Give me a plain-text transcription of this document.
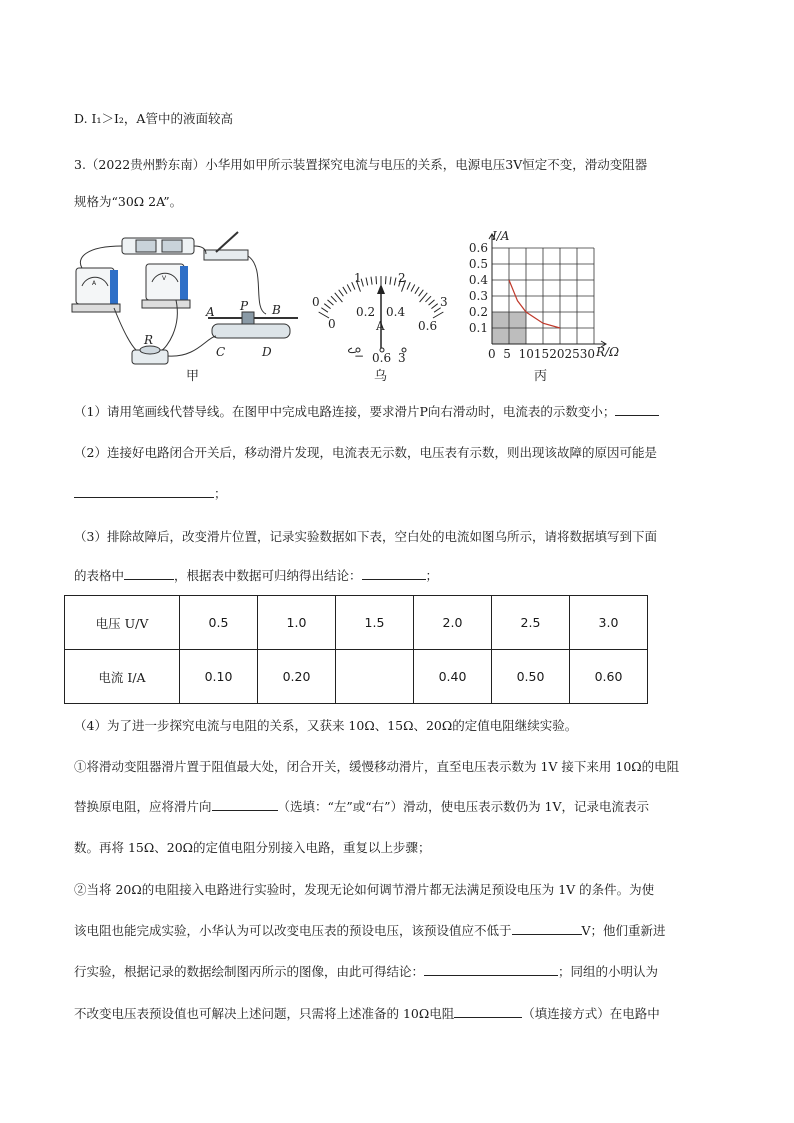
D. I₁＞I₂，A管中的液面较高
3.（2022贵州黔东南）小华用如甲所示装置探究电流与电压的关系，电源电压3V恒定不变，滑动变阻器
规格为“30Ω 2A”。
P
A	B
C	D
R
A
V
甲
0
1	2
3
0
0.2 0.4
0.6
A
− 0.6 3
乌
0 5 10 15 20 25 30
0.1
0.2
0.3
0.4
0.5
0.6
I/A
R/Ω
丙
（1）请用笔画线代替导线。在图甲中完成电路连接，要求滑片P向右滑动时，电流表的示数变小；
（2）连接好电路闭合开关后，移动滑片发现，电流表无示数，电压表有示数，则出现该故障的原因可能是
；
（3）排除故障后，改变滑片位置，记录实验数据如下表，空白处的电流如图乌所示，请将数据填写到下面
的表格中	，根据表中数据可归纳得出结论：	；
电压 U/V	0.5	1.0	1.5	2.0	2.5	3.0
电流 I/A	0.10	0.20		0.40	0.50	0.60
（4）为了进一步探究电流与电阻的关系，又获来 10Ω、15Ω、20Ω的定值电阻继续实验。
①将滑动变阻器滑片置于阻值最大处，闭合开关，缓慢移动滑片，直至电压表示数为 1V 接下来用 10Ω的电阻
替换原电阻，应将滑片向	（选填：“左”或“右”）滑动，使电压表示数仍为 1V，记录电流表示
数。再将 15Ω、20Ω的定值电阻分别接入电路，重复以上步骤；
②当将 20Ω的电阻接入电路进行实验时，发现无论如何调节滑片都无法满足预设电压为 1V 的条件。为使
该电阻也能完成实验，小华认为可以改变电压表的预设电压，该预设值应不低于	V；他们重新进
行实验，根据记录的数据绘制图丙所示的图像，由此可得结论：	；同组的小明认为
不改变电压表预设值也可解决上述问题，只需将上述准备的 10Ω电阻	（填连接方式）在电路中
